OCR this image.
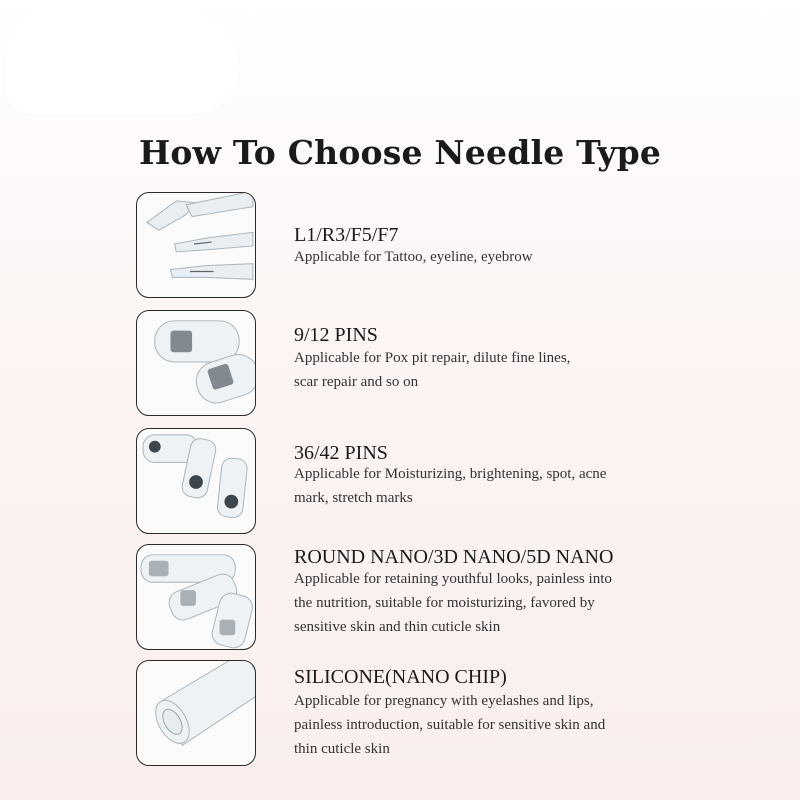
How To Choose Needle Type
L1/R3/F5/F7
Applicable for Tattoo, eyeline, eyebrow
9/12 PINS
Applicable for Pox pit repair, dilute fine lines,
scar repair and so on
36/42 PINS
Applicable for Moisturizing, brightening, spot, acne
mark, stretch marks
ROUND NANO/3D NANO/5D NANO
Applicable for retaining youthful looks, painless into
the nutrition, suitable for moisturizing, favored by
sensitive skin and thin cuticle skin
SILICONE(NANO CHIP)
Applicable for pregnancy with eyelashes and lips,
painless introduction, suitable for sensitive skin and
thin cuticle skin
